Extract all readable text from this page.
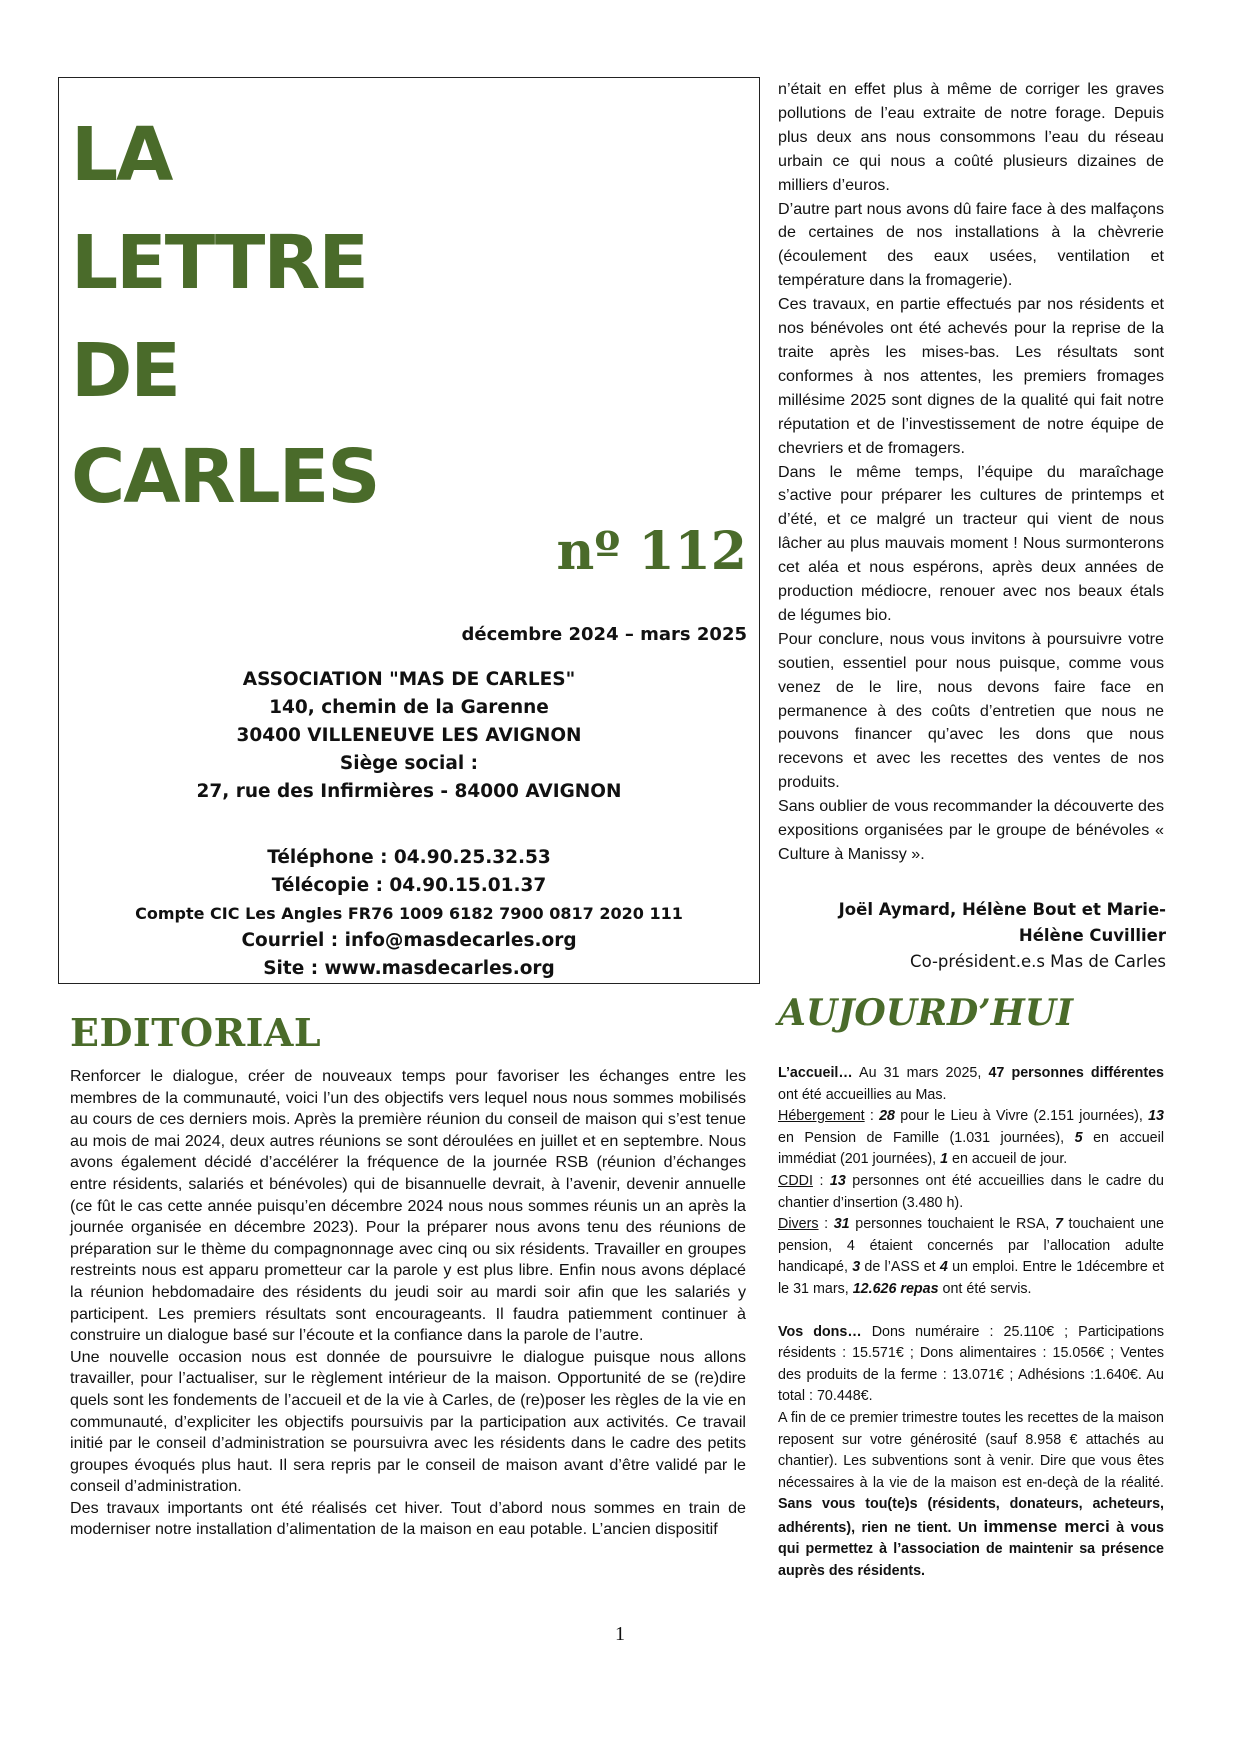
LA
LETTRE
DE
CARLES
nº 112
décembre 2024 – mars 2025
ASSOCIATION "MAS DE CARLES"
140, chemin de la Garenne
30400 VILLENEUVE LES AVIGNON
Siège social :
27, rue des Infirmières - 84000 AVIGNON
Téléphone : 04.90.25.32.53
Télécopie : 04.90.15.01.37
Compte CIC Les Angles FR76 1009 6182 7900 0817 2020 111
Courriel : info@masdecarles.org
Site : www.masdecarles.org
EDITORIAL

Renforcer le dialogue, créer de nouveaux temps pour favoriser les échanges entre les membres de la communauté, voici l’un des objectifs vers lequel nous nous sommes mobilisés au cours de ces derniers mois. Après la première réunion du conseil de maison qui s’est tenue au mois de mai 2024, deux autres réunions se sont déroulées en juillet et en septembre. Nous avons également décidé d’accélérer la fréquence de la journée RSB (réunion d’échanges entre résidents, salariés et bénévoles) qui de bisannuelle devrait, à l’avenir, devenir annuelle (ce fût le cas cette année puisqu’en décembre 2024 nous nous sommes réunis un an après la journée organisée en décembre 2023). Pour la préparer nous avons tenu des réunions de préparation sur le thème du compagnonnage avec cinq ou six résidents. Travailler en groupes restreints nous est apparu prometteur car la parole y est plus libre. Enfin nous avons déplacé la réunion hebdomadaire des résidents du jeudi soir au mardi soir afin que les salariés y participent. Les premiers résultats sont encourageants. Il faudra patiemment continuer à construire un dialogue basé sur l’écoute et la confiance dans la parole de l’autre.

Une nouvelle occasion nous est donnée de poursuivre le dialogue puisque nous allons travailler, pour l’actualiser, sur le règlement intérieur de la maison. Opportunité de se (re)dire quels sont les fondements de l’accueil et de la vie à Carles, de (re)poser les règles de la vie en communauté, d’expliciter les objectifs poursuivis par la participation aux activités. Ce travail initié par le conseil d’administration se poursuivra avec les résidents dans le cadre des petits groupes évoqués plus haut. Il sera repris par le conseil de maison avant d’être validé par le conseil d’administration.

Des travaux importants ont été réalisés cet hiver. Tout d’abord nous sommes en train de moderniser notre installation d’alimentation de la maison en eau potable. L’ancien dispositif

n’était en effet plus à même de corriger les graves pollutions de l’eau extraite de notre forage. Depuis plus deux ans nous consommons l’eau du réseau urbain ce qui nous a coûté plusieurs dizaines de milliers d’euros.

D’autre part nous avons dû faire face à des malfaçons de certaines de nos installations à la chèvrerie (écoulement des eaux usées, ventilation et température dans la fromagerie).

Ces travaux, en partie effectués par nos résidents et nos bénévoles ont été achevés pour la reprise de la traite après les mises-bas. Les résultats sont conformes à nos attentes, les premiers fromages millésime 2025 sont dignes de la qualité qui fait notre réputation et de l’investissement de notre équipe de chevriers et de fromagers.

Dans le même temps, l’équipe du maraîchage s’active pour préparer les cultures de printemps et d’été, et ce malgré un tracteur qui vient de nous lâcher au plus mauvais moment ! Nous surmonterons cet aléa et nous espérons, après deux années de production médiocre, renouer avec nos beaux étals de légumes bio.

Pour conclure, nous vous invitons à poursuivre votre soutien, essentiel pour nous puisque, comme vous venez de le lire, nous devons faire face en permanence à des coûts d’entretien que nous ne pouvons financer qu’avec les dons que nous recevons et avec les recettes des ventes de nos produits.

Sans oublier de vous recommander la découverte des expositions organisées par le groupe de bénévoles « Culture à Manissy ».

Joël Aymard, Hélène Bout et Marie-
Hélène Cuvillier
Co-président.e.s Mas de Carles
AUJOURD’HUI

L’accueil… Au 31 mars 2025, 47 personnes différentes ont été accueillies au Mas.

Hébergement : 28 pour le Lieu à Vivre (2.151 journées), 13 en Pension de Famille (1.031 journées), 5 en accueil immédiat (201 journées), 1 en accueil de jour.

CDDI : 13 personnes ont été accueillies dans le cadre du chantier d’insertion (3.480 h).

Divers : 31 personnes touchaient le RSA, 7 touchaient une pension, 4 étaient concernés par l’allocation adulte handicapé, 3 de l’ASS et 4 un emploi. Entre le 1décembre et le 31 mars, 12.626 repas ont été servis.

Vos dons… Dons numéraire : 25.110€ ; Participations résidents : 15.571€ ; Dons alimentaires : 15.056€ ; Ventes des produits de la ferme : 13.071€ ; Adhésions :1.640€. Au total : 70.448€.

A fin de ce premier trimestre toutes les recettes de la maison reposent sur votre générosité (sauf 8.958 € attachés au chantier). Les subventions sont à venir. Dire que vous êtes nécessaires à la vie de la maison est en-deçà de la réalité. Sans vous tou(te)s (résidents, donateurs, acheteurs, adhérents), rien ne tient. Un immense merci à vous qui permettez à l’association de maintenir sa présence auprès des résidents.

1
